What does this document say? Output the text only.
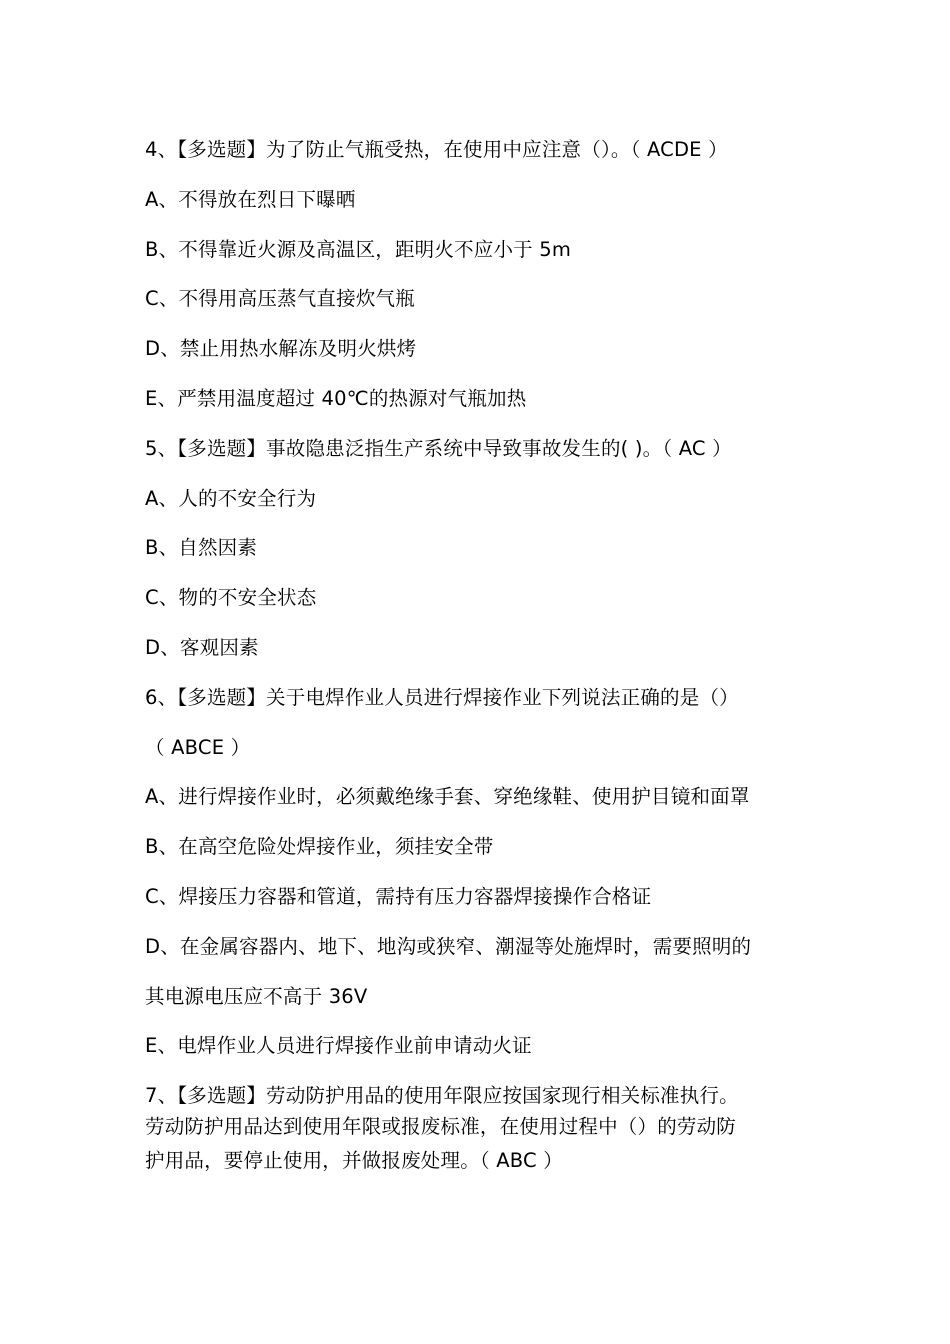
4、【多选题】为了防止气瓶受热，在使用中应注意（）。（ ACDE ）
A、不得放在烈日下曝晒
B、不得靠近火源及高温区，距明火不应小于 5m
C、不得用高压蒸气直接炊气瓶
D、禁止用热水解冻及明火烘烤
E、严禁用温度超过 40℃的热源对气瓶加热
5、【多选题】事故隐患泛指生产系统中导致事故发生的( )。（ AC ）
A、人的不安全行为
B、自然因素
C、物的不安全状态
D、客观因素
6、【多选题】关于电焊作业人员进行焊接作业下列说法正确的是（）
（ ABCE ）
A、进行焊接作业时，必须戴绝缘手套、穿绝缘鞋、使用护目镜和面罩
B、在高空危险处焊接作业，须挂安全带
C、焊接压力容器和管道，需持有压力容器焊接操作合格证
D、在金属容器内、地下、地沟或狭窄、潮湿等处施焊时，需要照明的
其电源电压应不高于 36V
E、电焊作业人员进行焊接作业前申请动火证
7、【多选题】劳动防护用品的使用年限应按国家现行相关标准执行。
劳动防护用品达到使用年限或报废标准，在使用过程中（）的劳动防
护用品，要停止使用，并做报废处理。（ ABC ）
